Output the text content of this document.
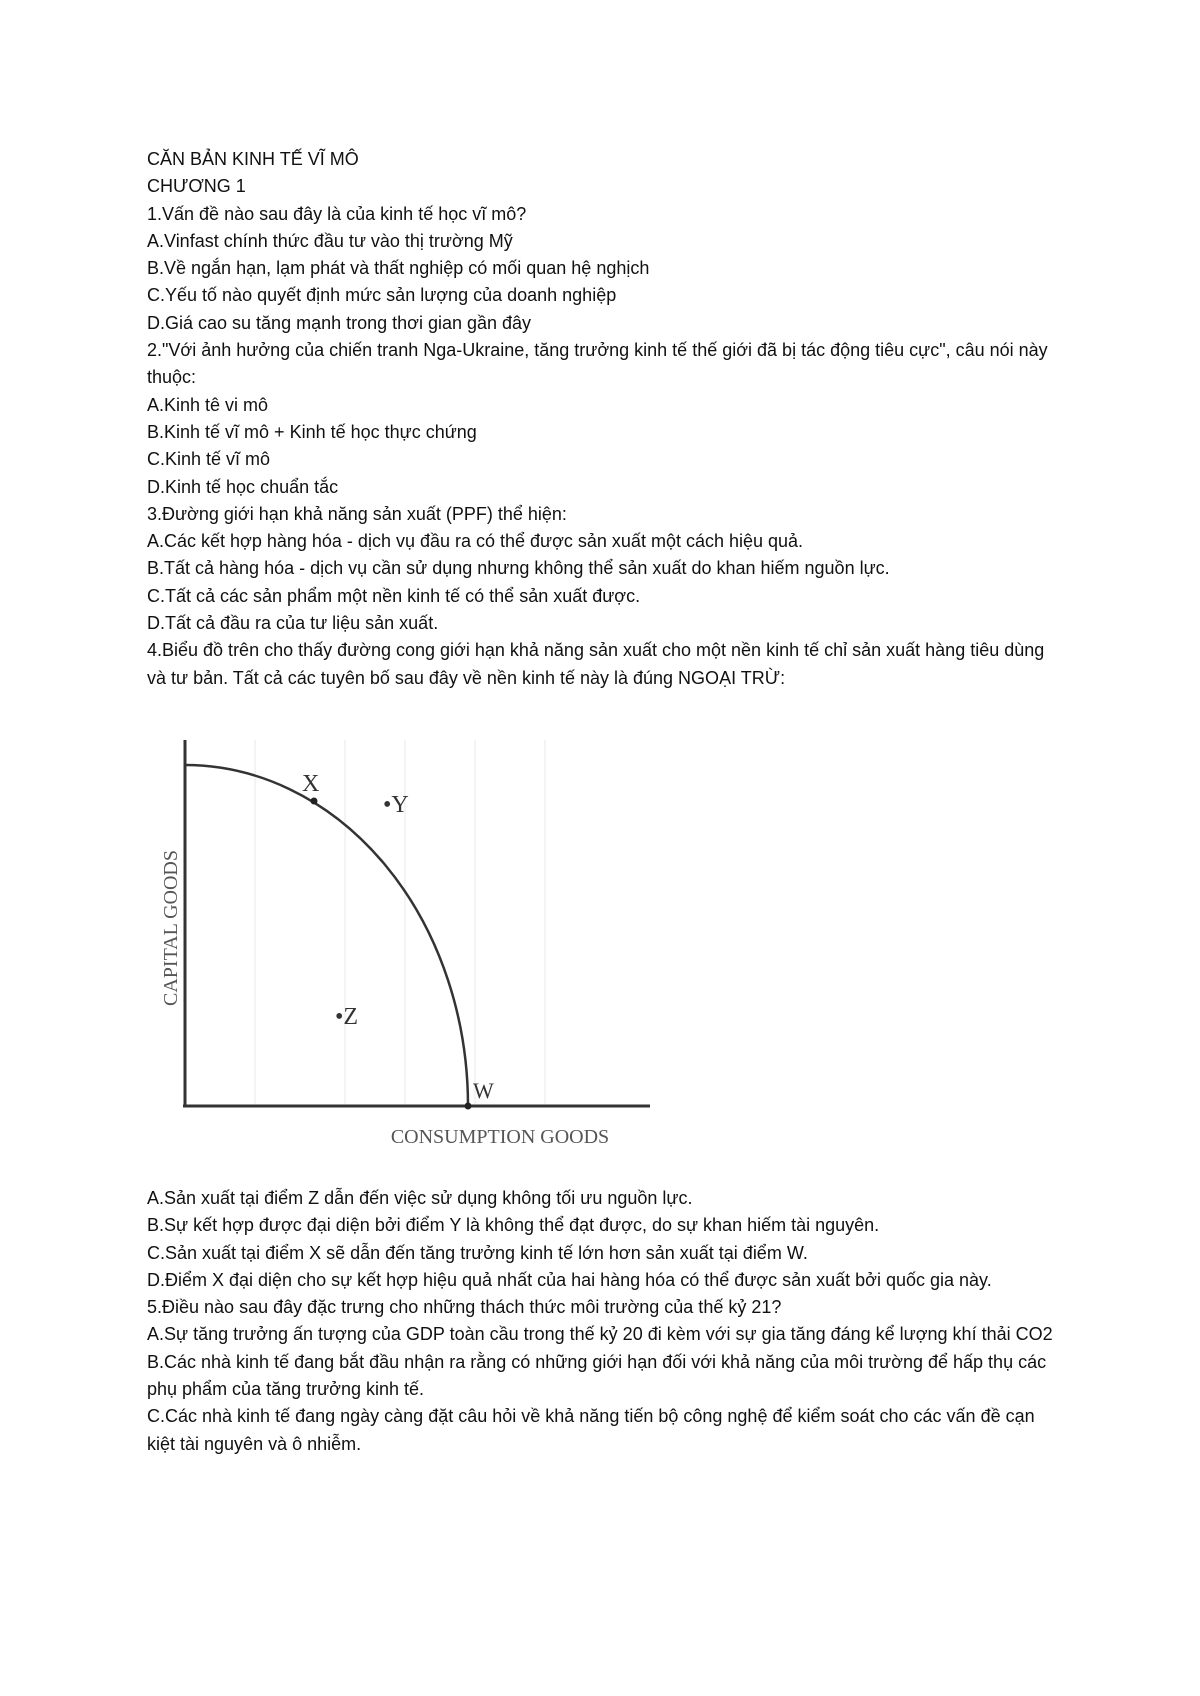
CĂN BẢN KINH TẾ VĨ MÔ
CHƯƠNG 1
1.Vấn đề nào sau đây là của kinh tế học vĩ mô?
A.Vinfast chính thức đầu tư vào thị trường Mỹ
B.Về ngắn hạn, lạm phát và thất nghiệp có mối quan hệ nghịch
C.Yếu tố nào quyết định mức sản lượng của doanh nghiệp
D.Giá cao su tăng mạnh trong thơi gian gần đây
2."Với ảnh hưởng của chiến tranh Nga-Ukraine, tăng trưởng kinh tế thế giới đã bị tác động tiêu cực", câu nói này thuộc:
A.Kinh tê vi mô
B.Kinh tế vĩ mô + Kinh tế học thực chứng
C.Kinh tế vĩ mô
D.Kinh tế học chuẩn tắc
3.Đường giới hạn khả năng sản xuất (PPF) thể hiện:
A.Các kết hợp hàng hóa - dịch vụ đầu ra có thể được sản xuất một cách hiệu quả.
B.Tất cả hàng hóa - dịch vụ cần sử dụng nhưng không thể sản xuất do khan hiếm nguồn lực.
C.Tất cả các sản phẩm một nền kinh tế có thể sản xuất được.
D.Tất cả đầu ra của tư liệu sản xuất.
4.Biểu đồ trên cho thấy đường cong giới hạn khả năng sản xuất cho một nền kinh tế chỉ sản xuất hàng tiêu dùng và tư bản. Tất cả các tuyên bố sau đây về nền kinh tế này là đúng NGOẠI TRỪ:
X
•Y
•Z
W
CAPITAL GOODS
CONSUMPTION GOODS
A.Sản xuất tại điểm Z dẫn đến việc sử dụng không tối ưu nguồn lực.
B.Sự kết hợp được đại diện bởi điểm Y là không thể đạt được, do sự khan hiếm tài nguyên.
C.Sản xuất tại điểm X sẽ dẫn đến tăng trưởng kinh tế lớn hơn sản xuất tại điểm W.
D.Điểm X đại diện cho sự kết hợp hiệu quả nhất của hai hàng hóa có thể được sản xuất bởi quốc gia này.
5.Điều nào sau đây đặc trưng cho những thách thức môi trường của thế kỷ 21?
A.Sự tăng trưởng ấn tượng của GDP toàn cầu trong thế kỷ 20 đi kèm với sự gia tăng đáng kể lượng khí thải CO2
B.Các nhà kinh tế đang bắt đầu nhận ra rằng có những giới hạn đối với khả năng của môi trường để hấp thụ các phụ phẩm của tăng trưởng kinh tế.
C.Các nhà kinh tế đang ngày càng đặt câu hỏi về khả năng tiến bộ công nghệ để kiểm soát cho các vấn đề cạn kiệt tài nguyên và ô nhiễm.
